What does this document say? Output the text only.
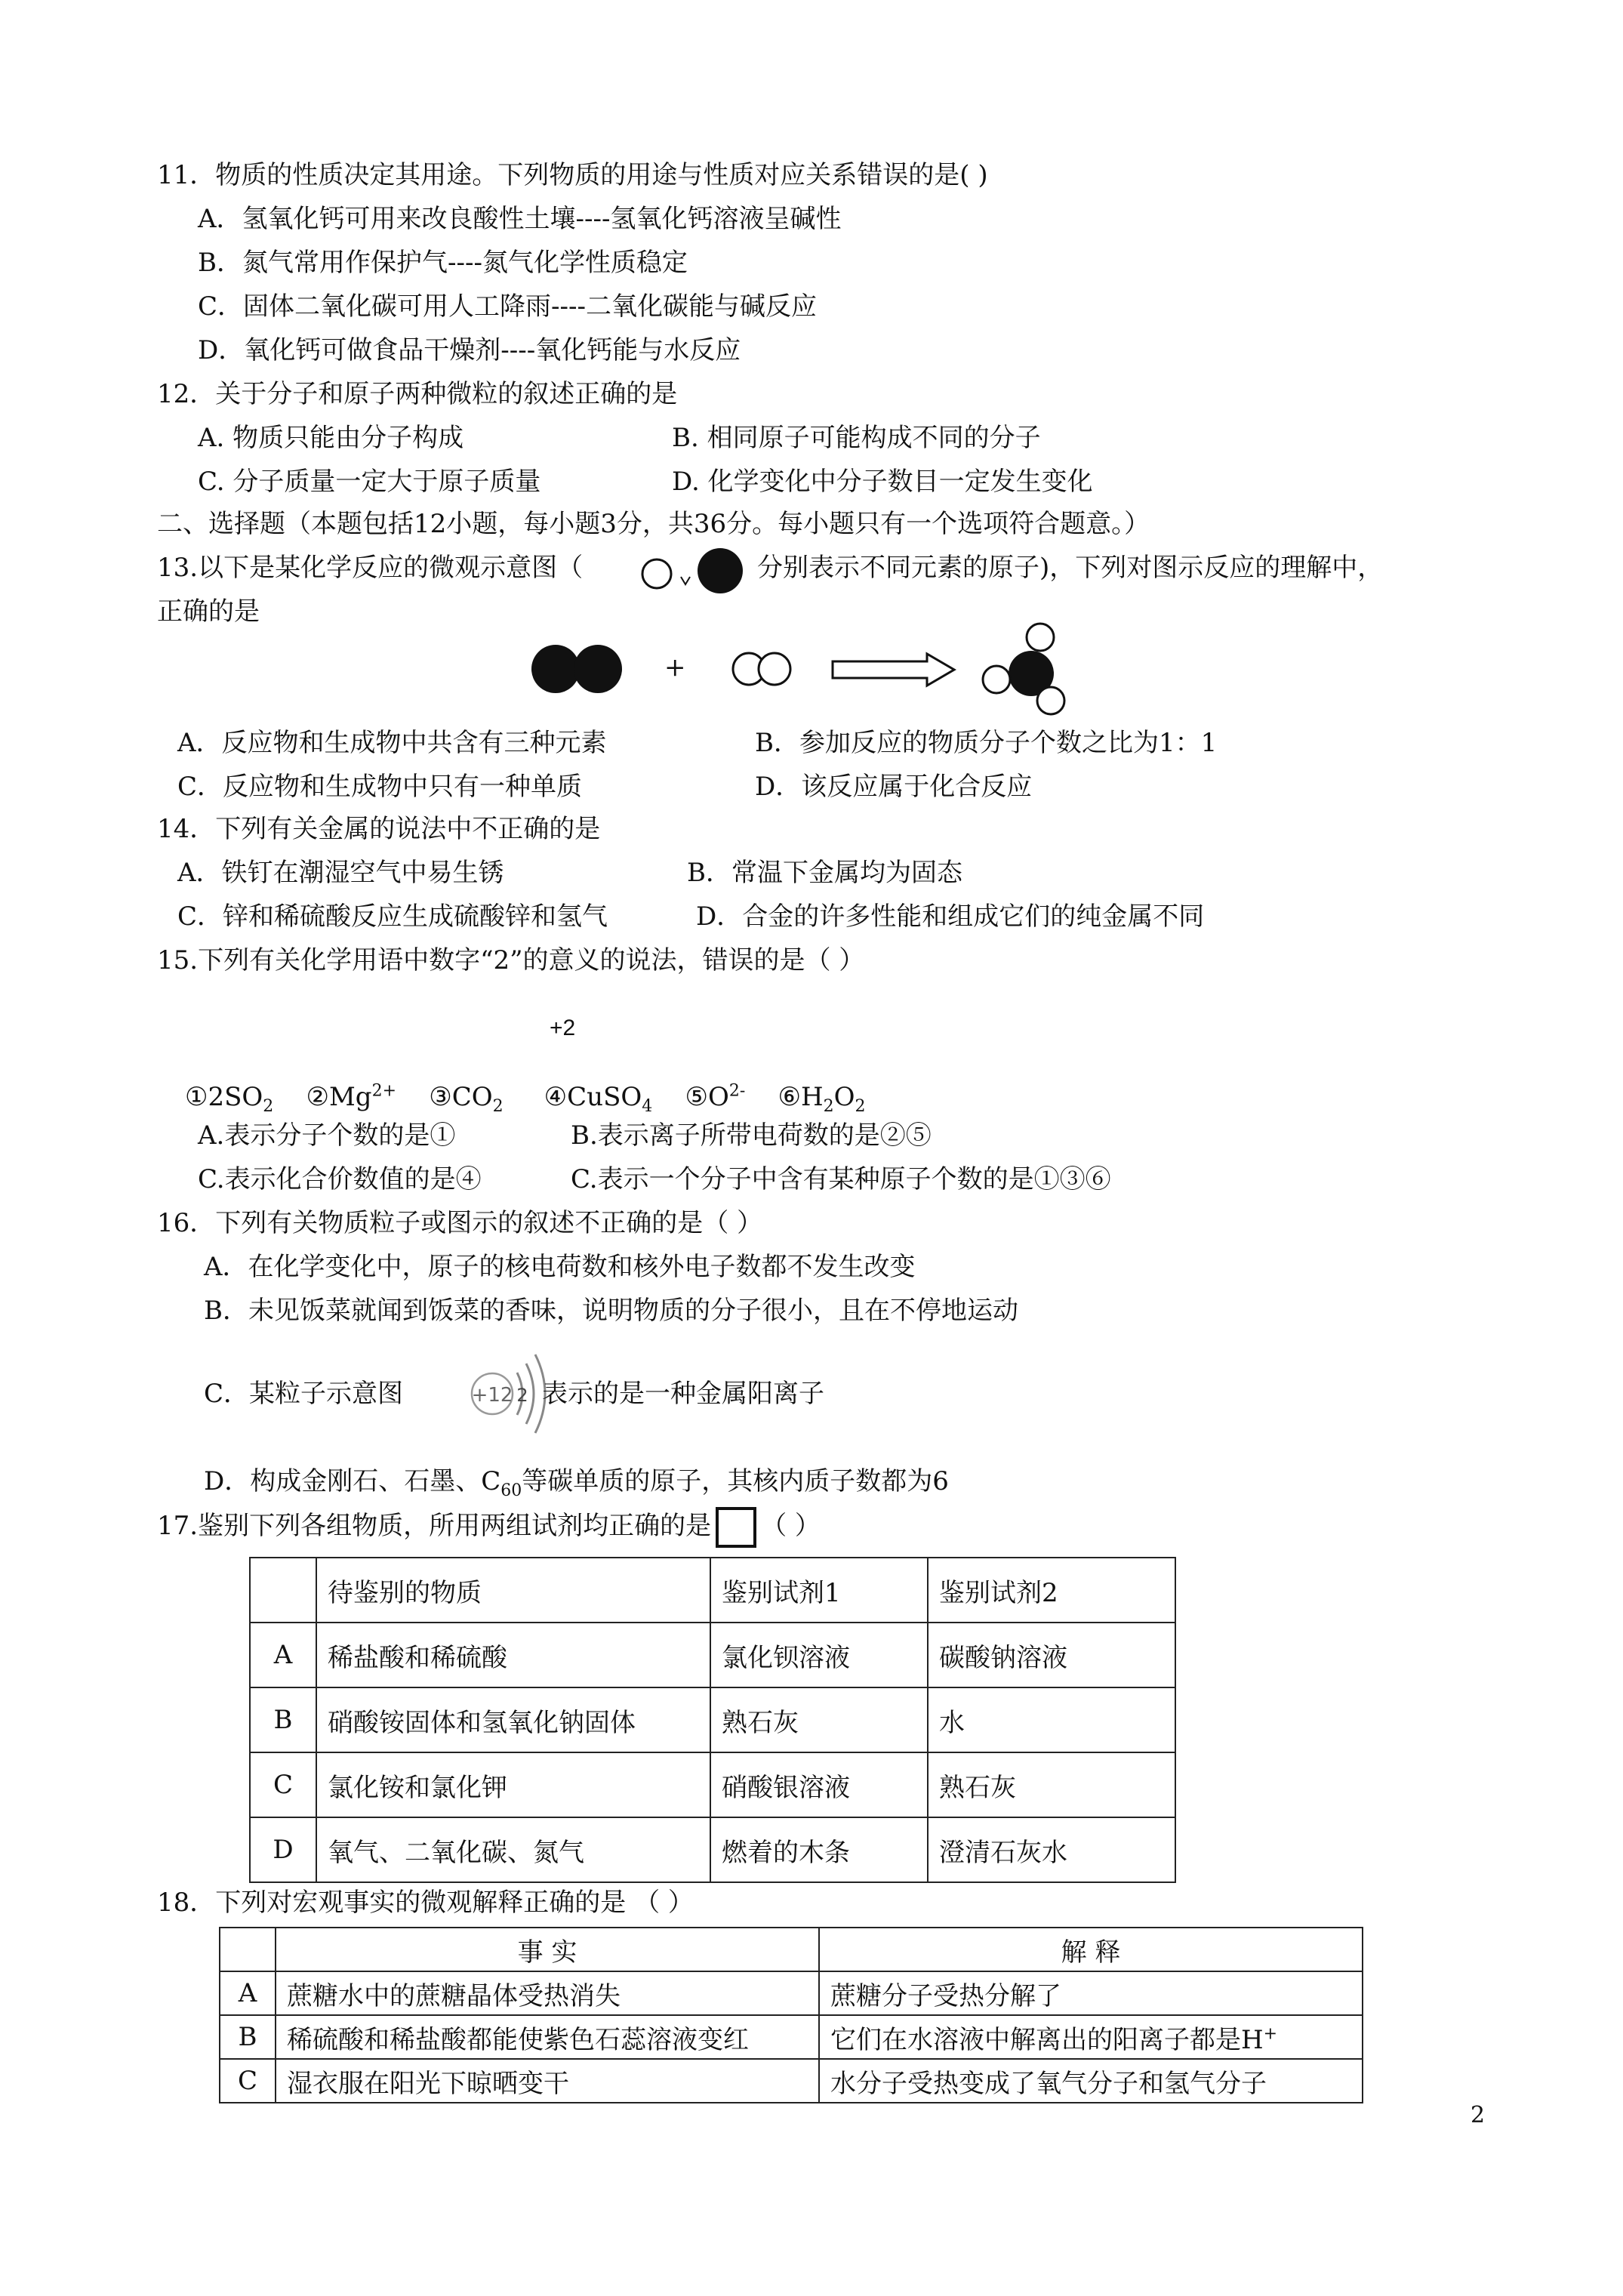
11．物质的性质决定其用途。下列物质的用途与性质对应关系错误的是( )
A．氢氧化钙可用来改良酸性土壤----氢氧化钙溶液呈碱性
B．氮气常用作保护气----氮气化学性质稳定
C．固体二氧化碳可用人工降雨----二氧化碳能与碱反应
D．氧化钙可做食品干燥剂----氧化钙能与水反应
12．关于分子和原子两种微粒的叙述正确的是
A. 物质只能由分子构成	B. 相同原子可能构成不同的分子
C. 分子质量一定大于原子质量	D. 化学变化中分子数目一定发生变化
二、选择题（本题包括12小题，每小题3分，共36分。每小题只有一个选项符合题意。）
13.以下是某化学反应的微观示意图（	分别表示不同元素的原子)，下列对图示反应的理解中，
正确的是
+
A．反应物和生成物中共含有三种元素	B．参加反应的物质分子个数之比为1：1
C．反应物和生成物中只有一种单质	D．该反应属于化合反应
14．下列有关金属的说法中不正确的是
A．铁钉在潮湿空气中易生锈	B．常温下金属均为固态
C．锌和稀硫酸反应生成硫酸锌和氢气	D．合金的许多性能和组成它们的纯金属不同
15.下列有关化学用语中数字“2”的意义的说法，错误的是（ ）
+2
$①2SO_2$ $②Mg^{2+}$ $③CO_2$ ④CuSO$_4$ $⑤O^{2-}$ $⑥H_2O_2$
A.表示分子个数的是①	B.表示离子所带电荷数的是②⑤
C.表示化合价数值的是④	C.表示一个分子中含有某种原子个数的是①③⑥
16．下列有关物质粒子或图示的叙述不正确的是（ ）
A．在化学变化中，原子的核电荷数和核外电子数都不发生改变
B．未见饭菜就闻到饭菜的香味，说明物质的分子很小，且在不停地运动
C．某粒子示意图	+12 2 表示的是一种金属阳离子
D．构成金刚石、石墨、$C_{60}$等碳单质的原子，其核内质子数都为6
17.鉴别下列各组物质，所用两组试剂均正确的是 （ ）
	待鉴别的物质	鉴别试剂1	鉴别试剂2
A	稀盐酸和稀硫酸	氯化钡溶液	碳酸钠溶液
B	硝酸铵固体和氢氧化钠固体	熟石灰	水
C	氯化铵和氯化钾	硝酸银溶液	熟石灰
D	氧气、二氧化碳、氮气	燃着的木条	澄清石灰水
18．下列对宏观事实的微观解释正确的是 （ ）
	事 实	解 释
A	蔗糖水中的蔗糖晶体受热消失	蔗糖分子受热分解了
B	稀硫酸和稀盐酸都能使紫色石蕊溶液变红	它们在水溶液中解离出的阳离子都是H+
C	湿衣服在阳光下晾晒变干	水分子受热变成了氧气分子和氢气分子
2
